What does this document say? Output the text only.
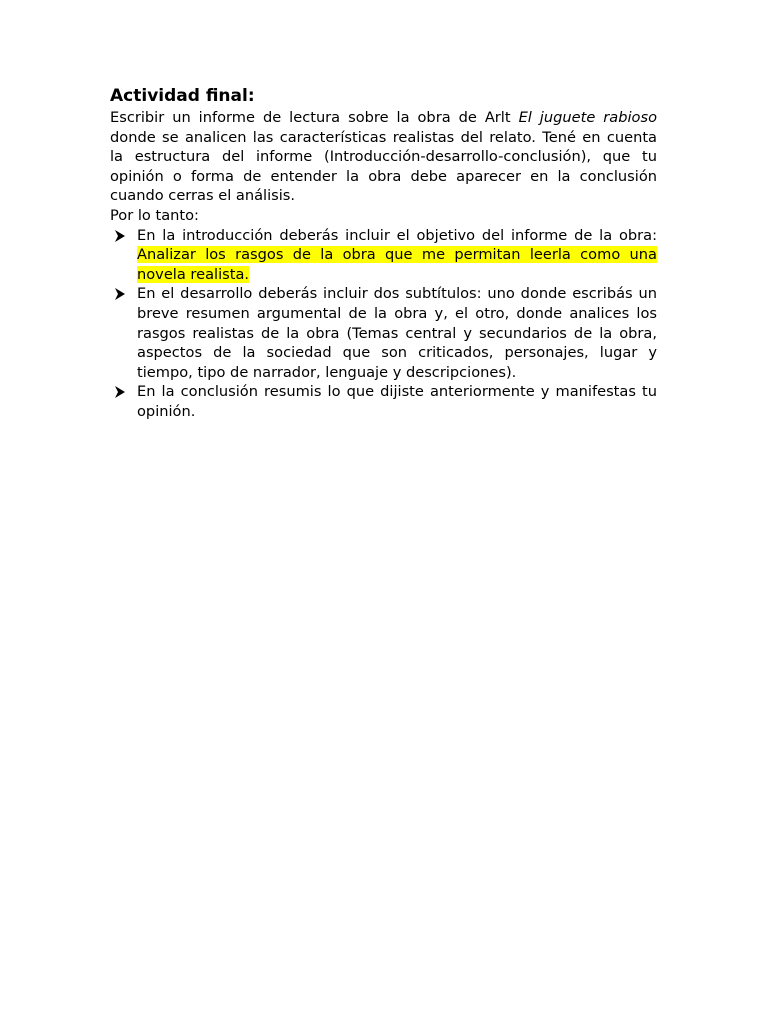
Actividad final:

Escribir un informe de lectura sobre la obra de Arlt El juguete rabioso donde se analicen las características realistas del relato. Tené en cuenta la estructura del informe (Introducción-desarrollo-conclusión), que tu opinión o forma de entender la obra debe aparecer en la conclusión cuando cerras el análisis.

Por lo tanto:

En la introducción deberás incluir el objetivo del informe de la obra: Analizar los rasgos de la obra que me permitan leerla como una novela realista.
En el desarrollo deberás incluir dos subtítulos: uno donde escribás un breve resumen argumental de la obra y, el otro, donde analices los rasgos realistas de la obra (Temas central y secundarios de la obra, aspectos de la sociedad que son criticados, personajes, lugar y tiempo, tipo de narrador, lenguaje y descripciones).
En la conclusión resumis lo que dijiste anteriormente y manifestas tu opinión.
